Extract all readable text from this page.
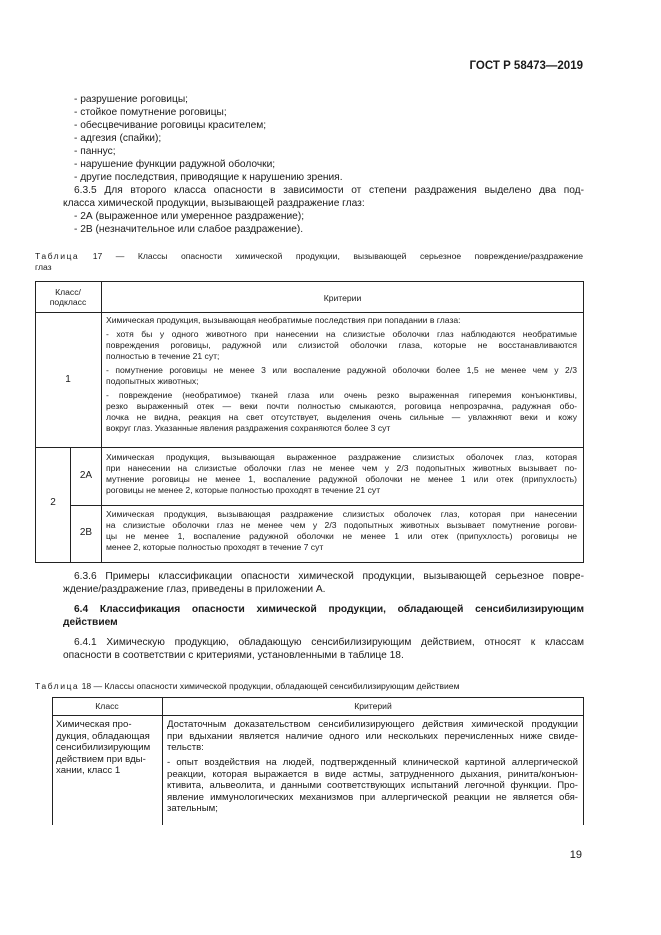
ГОСТ Р 58473—2019
- разрушение роговицы;
- стойкое помутнение роговицы;
- обесцвечивание роговицы красителем;
- адгезия (спайки);
- паннус;
- нарушение функции радужной оболочки;
- другие последствия, приводящие к нарушению зрения.
6.3.5 Для второго класса опасности в зависимости от степени раздражения выделено два под-
класса химической продукции, вызывающей раздражение глаз:
- 2А (выраженное или умеренное раздражение);
- 2В (незначительное или слабое раздражение).
Таблица 17 — Классы опасности химической продукции, вызывающей серьезное повреждение/раздражение
глаз
Класс/
подкласс	Критерии
1
Химическая продукция, вызывающая необратимые последствия при попадании в глаза:
- хотя бы у одного животного при нанесении на слизистые оболочки глаз наблюдаются необратимые
повреждения роговицы, радужной или слизистой оболочки глаза, которые не восстанавливаются
полностью в течение 21 сут;
- помутнение роговицы не менее 3 или воспаление радужной оболочки более 1,5 не менее чем у 2/3
подопытных животных;
- повреждение (необратимое) тканей глаза или очень резко выраженная гиперемия конъюнктивы,
резко выраженный отек — веки почти полностью смыкаются, роговица непрозрачна, радужная обо-
лочка не видна, реакция на свет отсутствует, выделения очень сильные — увлажняют веки и кожу
вокруг глаз. Указанные явления раздражения сохраняются более 3 сут
2
2А
Химическая продукция, вызывающая выраженное раздражение слизистых оболочек глаз, которая
при нанесении на слизистые оболочки глаз не менее чем у 2/3 подопытных животных вызывает по-
мутнение роговицы не менее 1, воспаление радужной оболочки не менее 1 или отек (припухлость)
роговицы не менее 2, которые полностью проходят в течение 21 сут
2В
Химическая продукция, вызывающая раздражение слизистых оболочек глаз, которая при нанесении
на слизистые оболочки глаз не менее чем у 2/3 подопытных животных вызывает помутнение рогови-
цы не менее 1, воспаление радужной оболочки не менее 1 или отек (припухлость) роговицы не
менее 2, которые полностью проходят в течение 7 сут
6.3.6 Примеры классификации опасности химической продукции, вызывающей серьезное повре-
ждение/раздражение глаз, приведены в приложении А.
6.4 Классификация опасности химической продукции, обладающей сенсибилизирующим
действием
6.4.1 Химическую продукцию, обладающую сенсибилизирующим действием, относят к классам
опасности в соответствии с критериями, установленными в таблице 18.
Таблица 18 — Классы опасности химической продукции, обладающей сенсибилизирующим действием
Класс	Критерий
Химическая про-
дукция, обладающая
сенсибилизирующим
действием при вды-
хании, класс 1
Достаточным доказательством сенсибилизирующего действия химической продукции
при вдыхании является наличие одного или нескольких перечисленных ниже свиде-
тельств:
- опыт воздействия на людей, подтвержденный клинической картиной аллергической
реакции, которая выражается в виде астмы, затрудненного дыхания, ринита/конъюн-
ктивита, альвеолита, и данными соответствующих испытаний легочной функции. Про-
явление иммунологических механизмов при аллергической реакции не является обя-
зательным;
19
